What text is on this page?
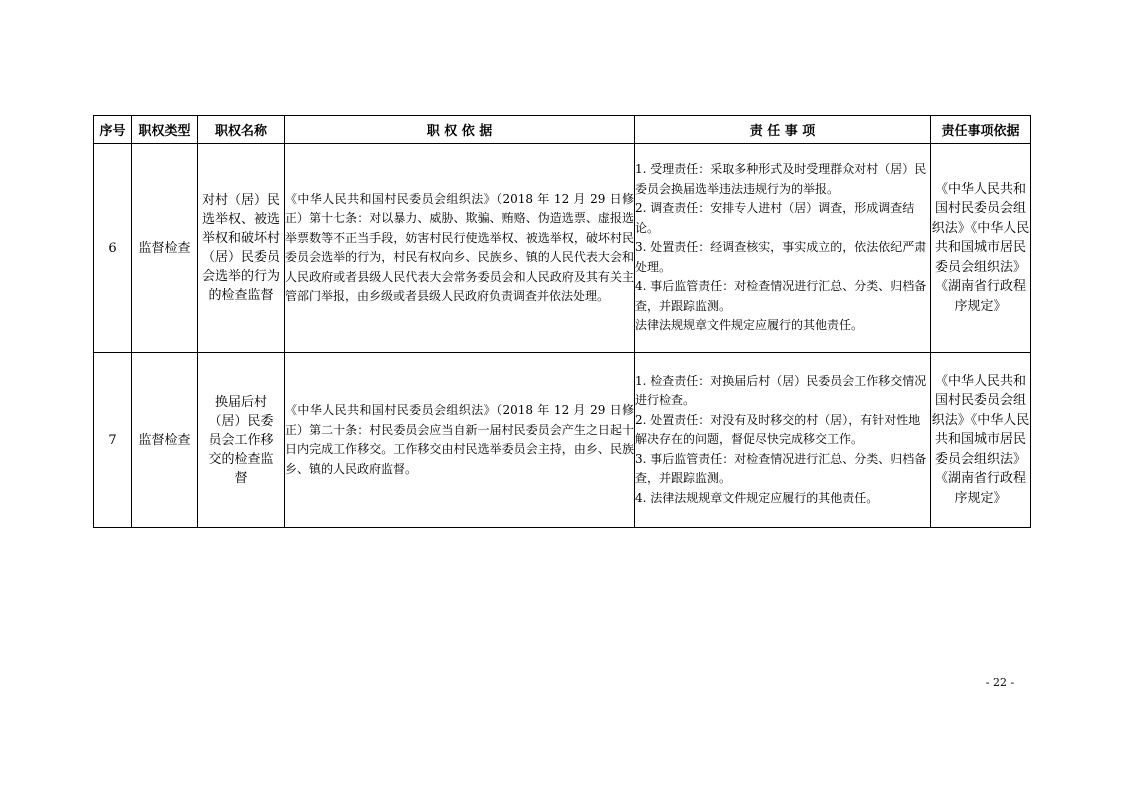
序号	职权类型	职权名称	职 权 依 据	责 任 事 项	责任事项依据
6	监督检查	对村（居）民选举权、被选举权和破坏村（居）民委员会选举的行为的检查监督	《中华人民共和国村民委员会组织法》（2018 年 12 月 29 日修正）第十七条：对以暴力、威胁、欺骗、贿赂、伪造选票、虚报选举票数等不正当手段，妨害村民行使选举权、被选举权，破坏村民委员会选举的行为，村民有权向乡、民族乡、镇的人民代表大会和人民政府或者县级人民代表大会常务委员会和人民政府及其有关主管部门举报，由乡级或者县级人民政府负责调查并依法处理。	1. 受理责任：采取多种形式及时受理群众对村（居）民委员会换届选举违法违规行为的举报。
2. 调查责任：安排专人进村（居）调查，形成调查结论。
3. 处置责任：经调查核实，事实成立的，依法依纪严肃处理。
4. 事后监管责任：对检查情况进行汇总、分类、归档备查，并跟踪监测。
法律法规规章文件规定应履行的其他责任。	《中华人民共和国村民委员会组织法》《中华人民共和国城市居民委员会组织法》《湖南省行政程序规定》
7	监督检查	换届后村（居）民委员会工作移交的检查监督	《中华人民共和国村民委员会组织法》（2018 年 12 月 29 日修正）第二十条：村民委员会应当自新一届村民委员会产生之日起十日内完成工作移交。工作移交由村民选举委员会主持，由乡、民族乡、镇的人民政府监督。	1. 检查责任：对换届后村（居）民委员会工作移交情况进行检查。
2. 处置责任：对没有及时移交的村（居），有针对性地解决存在的问题，督促尽快完成移交工作。
3. 事后监管责任：对检查情况进行汇总、分类、归档备查，并跟踪监测。
4. 法律法规规章文件规定应履行的其他责任。	《中华人民共和国村民委员会组织法》《中华人民共和国城市居民委员会组织法》《湖南省行政程序规定》
- 22 -
